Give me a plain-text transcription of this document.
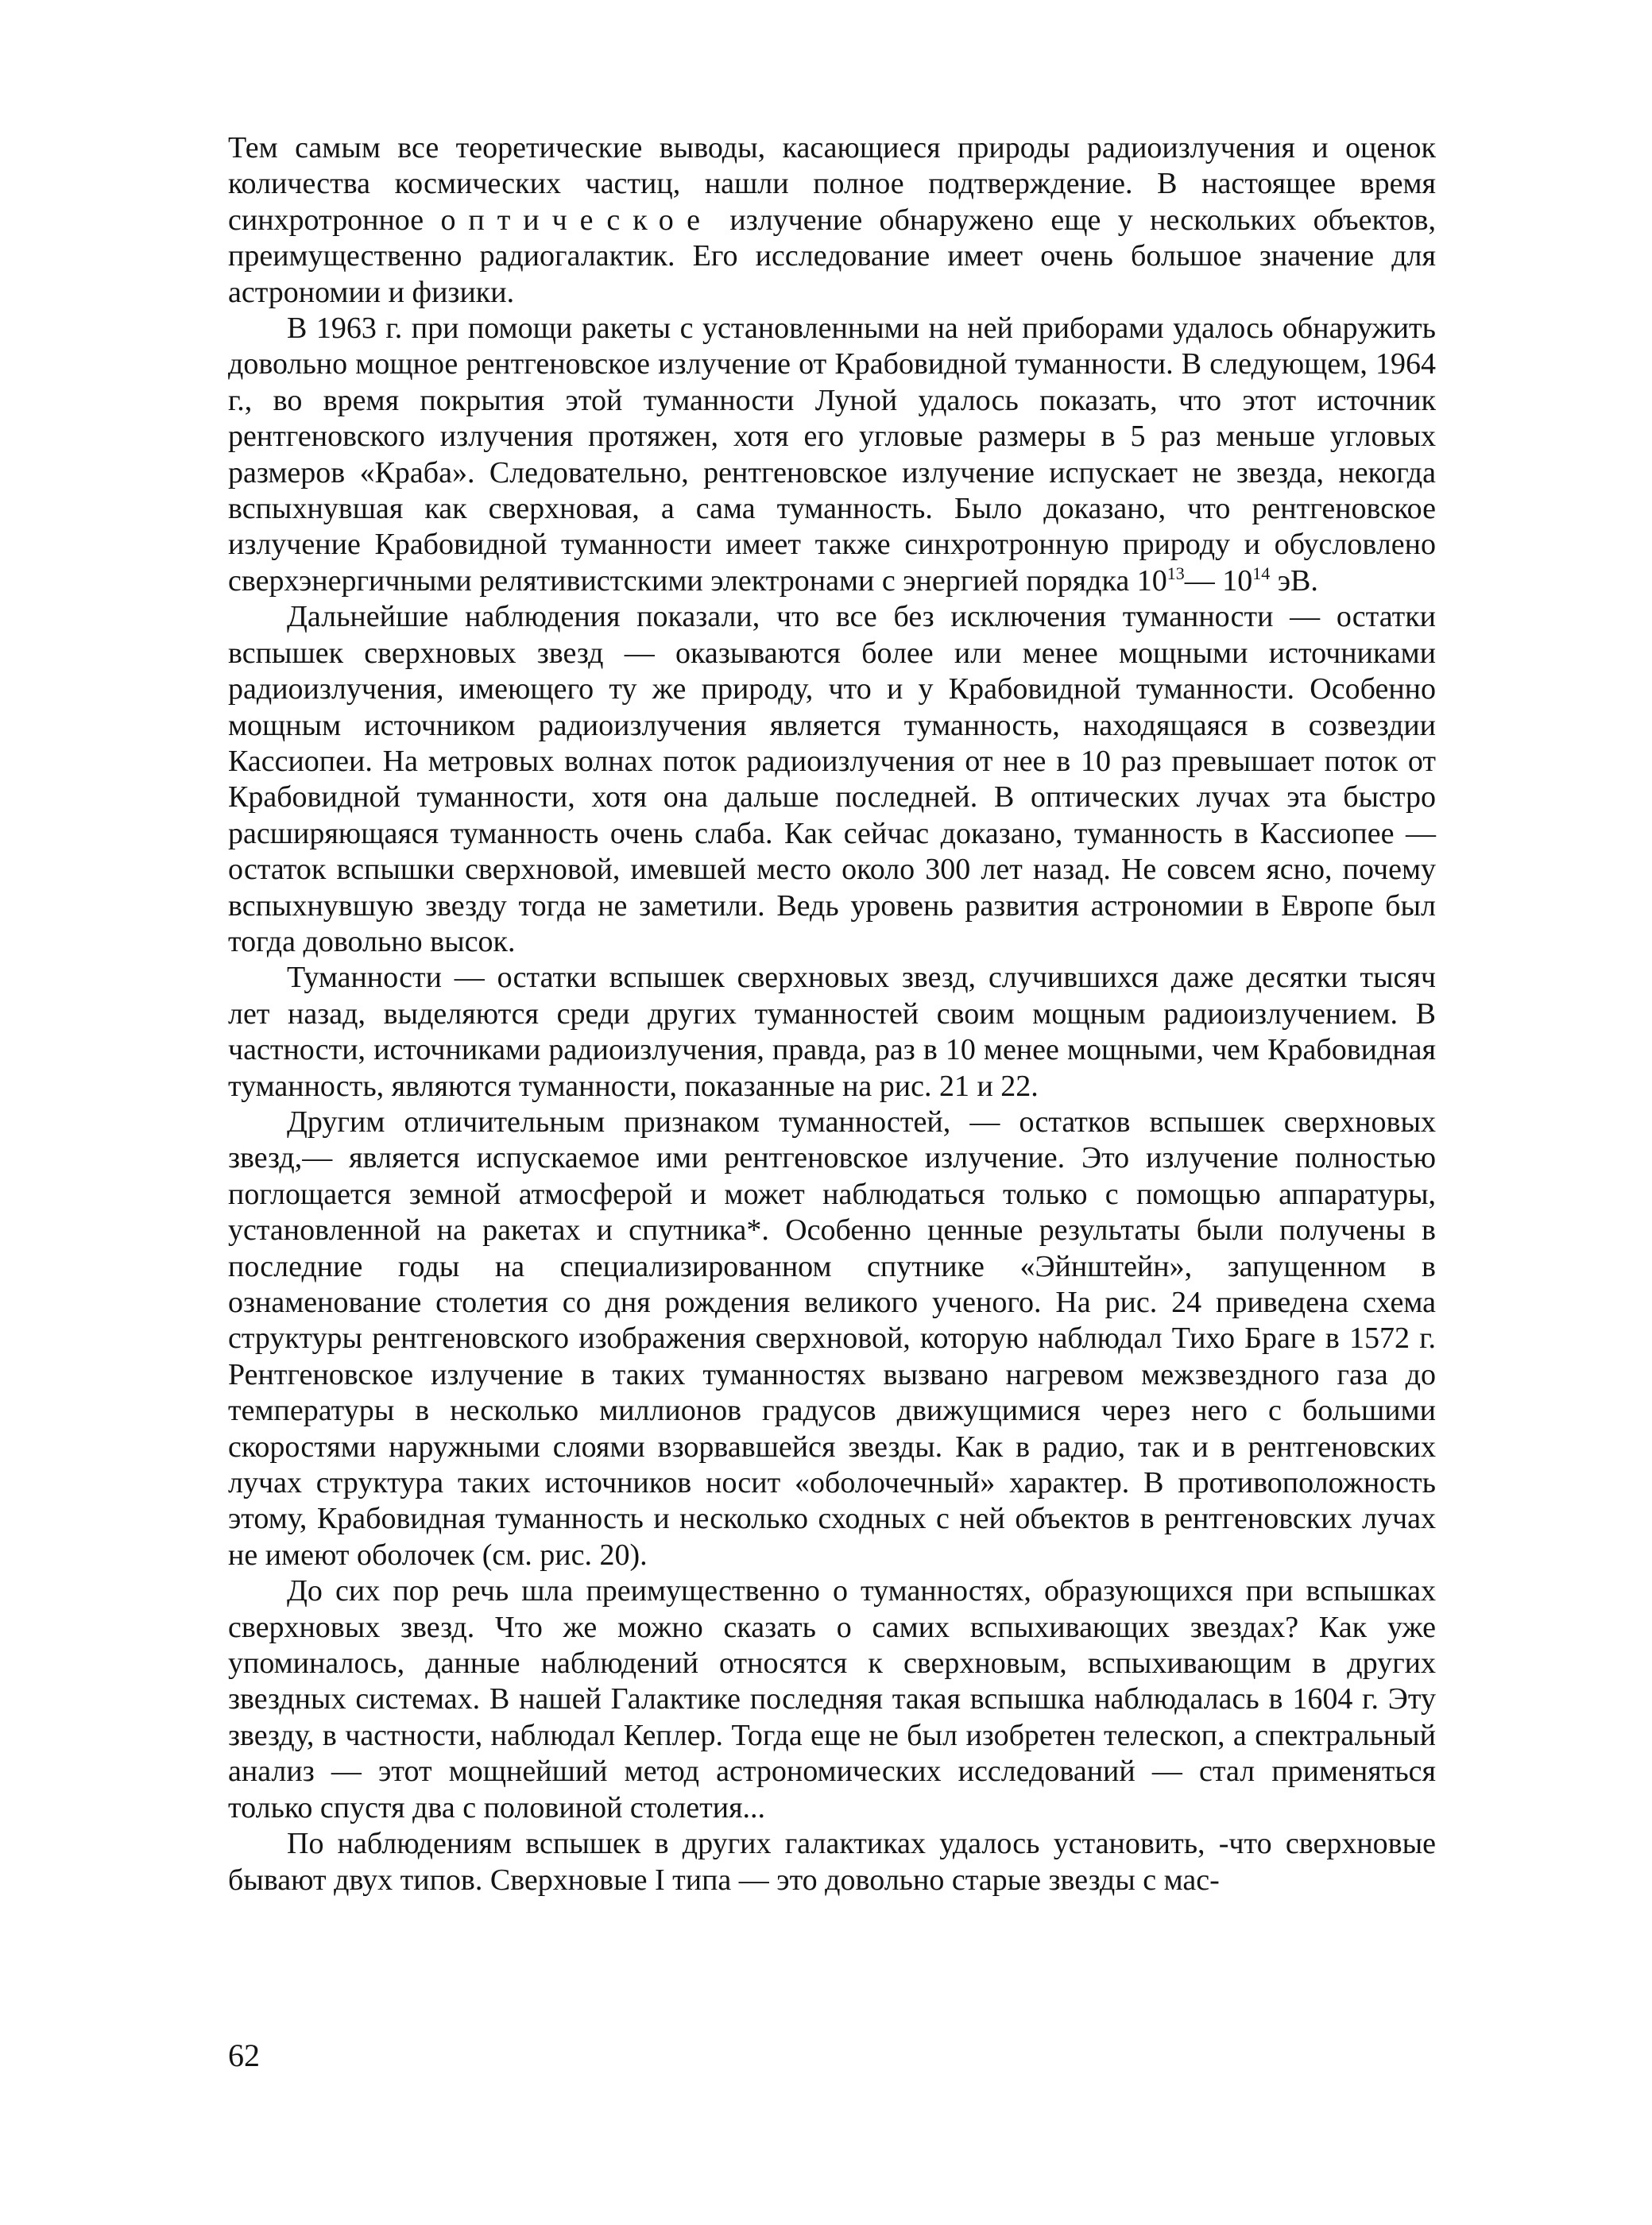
Тем самым все теоретические выводы, касающиеся природы радиоизлучения и оценок количества космических частиц, нашли полное подтверждение. В настоящее время синхротронное оптическое излучение обнаружено еще у нескольких объектов, преимущественно радиогалактик. Его исследование имеет очень большое значение для астрономии и физики.

В 1963 г. при помощи ракеты с установленными на ней приборами удалось обнаружить довольно мощное рентгеновское излучение от Крабовидной туманности. В следующем, 1964 г., во время покрытия этой туманности Луной удалось показать, что этот источник рентгеновского излучения протяжен, хотя его угловые размеры в 5 раз меньше угловых размеров «Краба». Следовательно, рентгеновское излучение испускает не звезда, некогда вспыхнувшая как сверхновая, а сама туманность. Было доказано, что рентгеновское излучение Крабовидной туманности имеет также синхротронную природу и обусловлено сверхэнергичными релятивистскими электронами с энергией порядка $10^{13}—$ $10^{14}$ эВ.

Дальнейшие наблюдения показали, что все без исключения туманности — остатки вспышек сверхновых звезд — оказываются более или менее мощными источниками радиоизлучения, имеющего ту же природу, что и у Крабовидной туманности. Особенно мощным источником радиоизлучения является туманность, находящаяся в созвездии Кассиопеи. На метровых волнах поток радиоизлучения от нее в 10 раз превышает поток от Крабовидной туманности, хотя она дальше последней. В оптических лучах эта быстро расширяющаяся туманность очень слаба. Как сейчас доказано, туманность в Кассиопее — остаток вспышки сверхновой, имевшей место около 300 лет назад. Не совсем ясно, почему вспыхнувшую звезду тогда не заметили. Ведь уровень развития астрономии в Европе был тогда довольно высок.

Туманности — остатки вспышек сверхновых звезд, случившихся даже десятки тысяч лет назад, выделяются среди других туманностей своим мощным радиоизлучением. В частности, источниками радиоизлучения, правда, раз в 10 менее мощными, чем Крабовидная туманность, являются туманности, показанные на рис. 21 и 22.

Другим отличительным признаком туманностей, — остатков вспышек сверхновых звезд,— является испускаемое ими рентгеновское излучение. Это излучение полностью поглощается земной атмосферой и может наблюдаться только с помощью аппаратуры, установленной на ракетах и спутника*. Особенно ценные результаты были получены в последние годы на специализированном спутнике «Эйнштейн», запущенном в ознаменование столетия со дня рождения великого ученого. На рис. 24 приведена схема структуры рентгеновского изображения сверхновой, которую наблюдал Тихо Браге в 1572 г. Рентгеновское излучение в таких туманностях вызвано нагревом межзвездного газа до температуры в несколько миллионов градусов движущимися через него с большими скоростями наружными слоями взорвавшейся звезды. Как в радио, так и в рентгеновских лучах структура таких источников носит «оболочечный» характер. В противоположность этому, Крабовидная туманность и несколько сходных с ней объектов в рентгеновских лучах не имеют оболочек (см. рис. 20).

До сих пор речь шла преимущественно о туманностях, образующихся при вспышках сверхновых звезд. Что же можно сказать о самих вспыхивающих звездах? Как уже упоминалось, данные наблюдений относятся к сверхновым, вспыхивающим в других звездных системах. В нашей Галактике последняя такая вспышка наблюдалась в 1604 г. Эту звезду, в частности, наблюдал Кеплер. Тогда еще не был изобретен телескоп, а спектральный анализ — этот мощнейший метод астрономических исследований — стал применяться только спустя два с половиной столетия...

По наблюдениям вспышек в других галактиках удалось установить, -что сверхновые бывают двух типов. Сверхновые I типа — это довольно старые звезды с мас-

62
